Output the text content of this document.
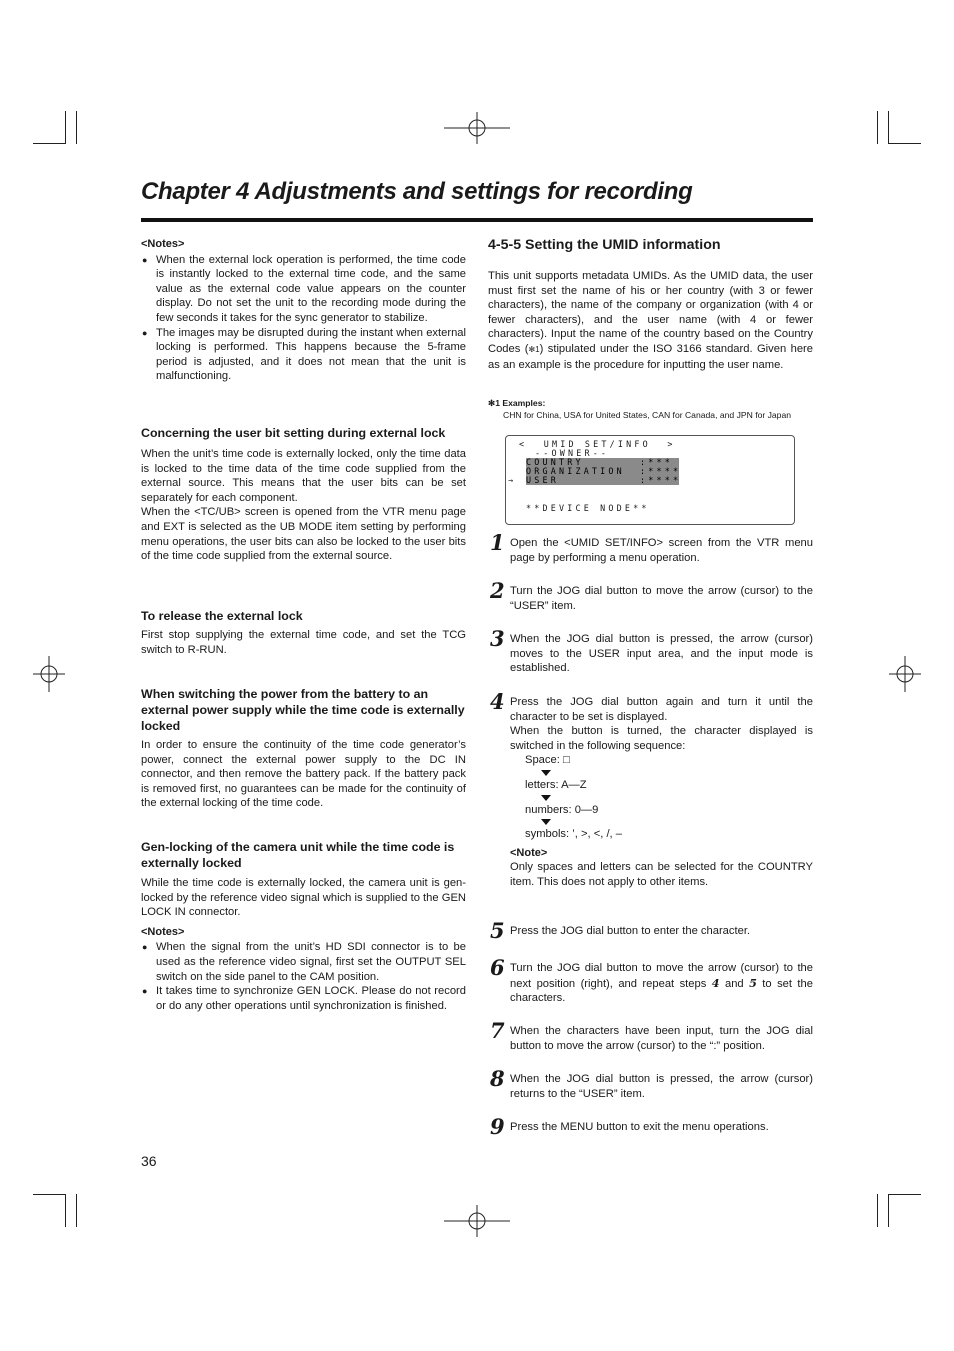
Chapter 4 Adjustments and settings for recording

<Notes>

● When the external lock operation is performed, the time code is instantly locked to the external time code, and the same value as the external code value appears on the counter display. Do not set the unit to the recording mode during the few seconds it takes for the sync generator to stabilize.

● The images may be disrupted during the instant when external locking is performed. This happens because the 5-frame period is adjusted, and it does not mean that the unit is malfunctioning.

Concerning the user bit setting during external lock

When the unit’s time code is externally locked, only the time data is locked to the time data of the time code supplied from the external source. This means that the user bits can be set separately for each component.
When the <TC/UB> screen is opened from the VTR menu page and EXT is selected as the UB MODE item setting by performing menu operations, the user bits can also be locked to the user bits of the time code supplied from the external source.

To release the external lock

First stop supplying the external time code, and set the TCG switch to R-RUN.

When switching the power from the battery to an external power supply while the time code is externally locked

In order to ensure the continuity of the time code generator’s power, connect the external power supply to the DC IN connector, and then remove the battery pack. If the battery pack is removed first, no guarantees can be made for the continuity of the external locking of the time code.

Gen-locking of the camera unit while the time code is externally locked

While the time code is externally locked, the camera unit is gen-locked by the reference video signal which is supplied to the GEN LOCK IN connector.

<Notes>

● When the signal from the unit’s HD SDI connector is to be used as the reference video signal, first set the OUTPUT SEL switch on the side panel to the CAM position.

● It takes time to synchronize GEN LOCK. Please do not record or do any other operations until synchronization is finished.

4-5-5 Setting the UMID information

This unit supports metadata UMIDs. As the UMID data, the user must first set the name of his or her country (with 3 or fewer characters), the name of the company or organization (with 4 or fewer characters), and the user name (with 4 or fewer characters). Input the name of the country based on the Country Codes (✻1) stipulated under the ISO 3166 standard. Given here as an example is the procedure for inputting the user name.

✻1 Examples:
CHN for China, USA for United States, CAN for Canada, and JPN for Japan
<  UMID SET/INFO  >
--OWNER--
COUNTRY	:***
ORGANIZATION :****
→ USER	:****
**DEVICE NODE**
1 Open the <UMID SET/INFO> screen from the VTR menu page by performing a menu operation.
2 Turn the JOG dial button to move the arrow (cursor) to the “USER” item.
3 When the JOG dial button is pressed, the arrow (cursor) moves to the USER input area, and the input mode is established.
4 Press the JOG dial button again and turn it until the character to be set is displayed.
When the button is turned, the character displayed is switched in the following sequence:
Space: □
letters: A—Z
numbers: 0—9
symbols: ’, >, <, /, –
<Note>
Only spaces and letters can be selected for the COUNTRY item. This does not apply to other items.
5 Press the JOG dial button to enter the character.
6 Turn the JOG dial button to move the arrow (cursor) to the next position (right), and repeat steps 4 and 5 to set the characters.
7 When the characters have been input, turn the JOG dial button to move the arrow (cursor) to the “:” position.
8 When the JOG dial button is pressed, the arrow (cursor) returns to the “USER” item.
9 Press the MENU button to exit the menu operations.
36
